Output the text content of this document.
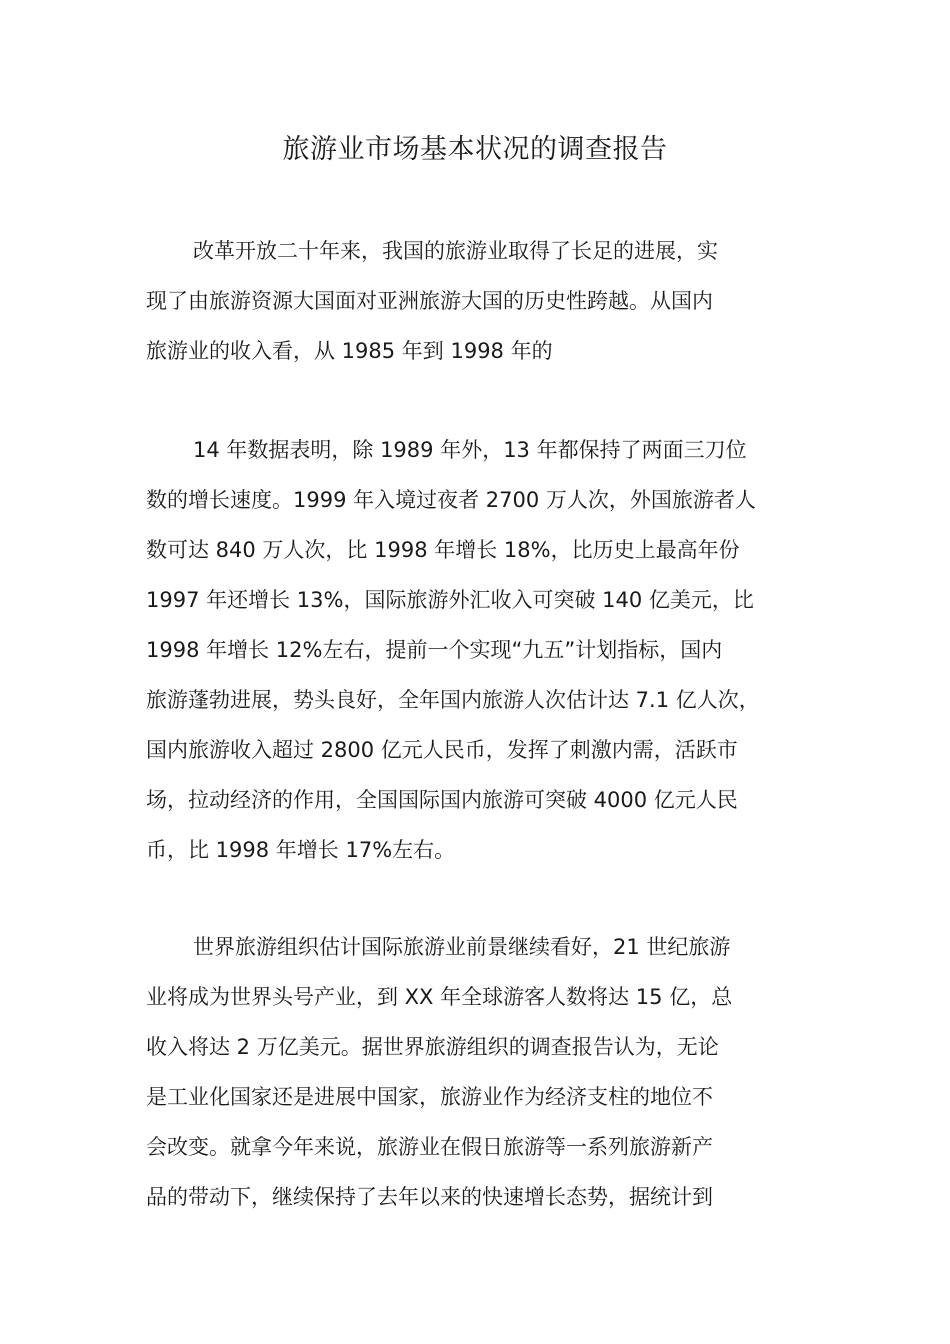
旅游业市场基本状况的调查报告
改革开放二十年来，我国的旅游业取得了长足的进展，实
现了由旅游资源大国面对亚洲旅游大国的历史性跨越。从国内
旅游业的收入看，从 1985 年到 1998 年的
14 年数据表明，除 1989 年外，13 年都保持了两面三刀位
数的增长速度。1999 年入境过夜者 2700 万人次，外国旅游者人
数可达 840 万人次，比 1998 年增长 18%，比历史上最高年份
1997 年还增长 13%，国际旅游外汇收入可突破 140 亿美元，比
1998 年增长 12%左右，提前一个实现“九五”计划指标，国内
旅游蓬勃进展，势头良好，全年国内旅游人次估计达 7.1 亿人次，
国内旅游收入超过 2800 亿元人民币，发挥了刺激内需，活跃市
场，拉动经济的作用，全国国际国内旅游可突破 4000 亿元人民
币，比 1998 年增长 17%左右。
世界旅游组织估计国际旅游业前景继续看好，21 世纪旅游
业将成为世界头号产业，到 XX 年全球游客人数将达 15 亿，总
收入将达 2 万亿美元。据世界旅游组织的调查报告认为，无论
是工业化国家还是进展中国家，旅游业作为经济支柱的地位不
会改变。就拿今年来说，旅游业在假日旅游等一系列旅游新产
品的带动下，继续保持了去年以来的快速增长态势，据统计到
